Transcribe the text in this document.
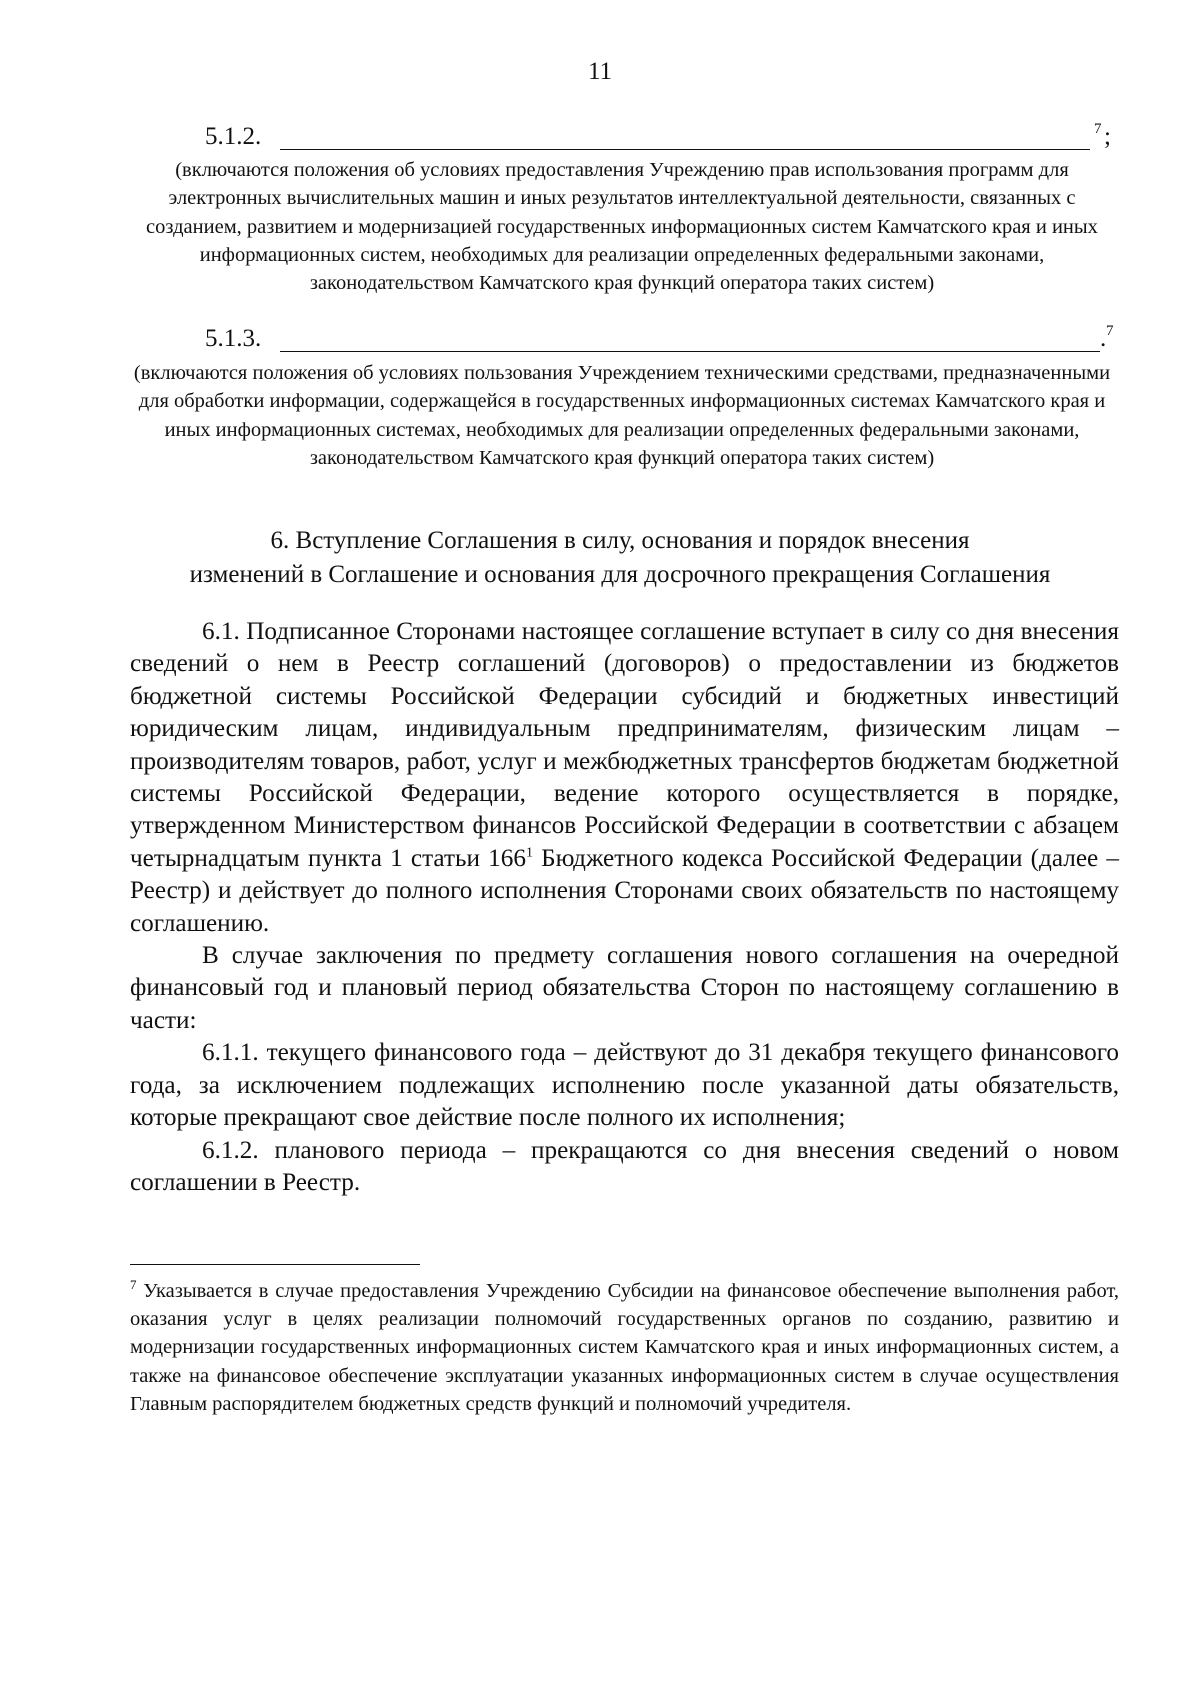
11
5.1.2.	7 ;
(включаются положения об условиях предоставления Учреждению прав использования программ для электронных вычислительных машин и иных результатов интеллектуальной деятельности, связанных с созданием, развитием и модернизацией государственных информационных систем Камчатского края и иных информационных систем, необходимых для реализации определенных федеральными законами, законодательством Камчатского края функций оператора таких систем)
5.1.3.	. 7
(включаются положения об условиях пользования Учреждением техническими средствами, предназначенными для обработки информации, содержащейся в государственных информационных системах Камчатского края и иных информационных системах, необходимых для реализации определенных федеральными законами, законодательством Камчатского края функций оператора таких систем)
6. Вступление Соглашения в силу, основания и порядок внесения
изменений в Соглашение и основания для досрочного прекращения Соглашения

6.1. Подписанное Сторонами настоящее соглашение вступает в силу со дня внесения сведений о нем в Реестр соглашений (договоров) о предоставлении из бюджетов бюджетной системы Российской Федерации субсидий и бюджетных инвестиций юридическим лицам, индивидуальным предпринимателям, физическим лицам – производителям товаров, работ, услуг и межбюджетных трансфертов бюджетам бюджетной системы Российской Федерации, ведение которого осуществляется в порядке, утвержденном Министерством финансов Российской Федерации в соответствии с абзацем четырнадцатым пункта 1 статьи $166^1$ Бюджетного кодекса Российской Федерации (далее – Реестр) и действует до полного исполнения Сторонами своих обязательств по настоящему соглашению.

В случае заключения по предмету соглашения нового соглашения на очередной финансовый год и плановый период обязательства Сторон по настоящему соглашению в части:

6.1.1. текущего финансового года – действуют до 31 декабря текущего финансового года, за исключением подлежащих исполнению после указанной даты обязательств, которые прекращают свое действие после полного их исполнения;

6.1.2. планового периода – прекращаются со дня внесения сведений о новом соглашении в Реестр.

$^7$ Указывается в случае предоставления Учреждению Субсидии на финансовое обеспечение выполнения работ, оказания услуг в целях реализации полномочий государственных органов по созданию, развитию и модернизации государственных информационных систем Камчатского края и иных информационных систем, а также на финансовое обеспечение эксплуатации указанных информационных систем в случае осуществления Главным распорядителем бюджетных средств функций и полномочий учредителя.
